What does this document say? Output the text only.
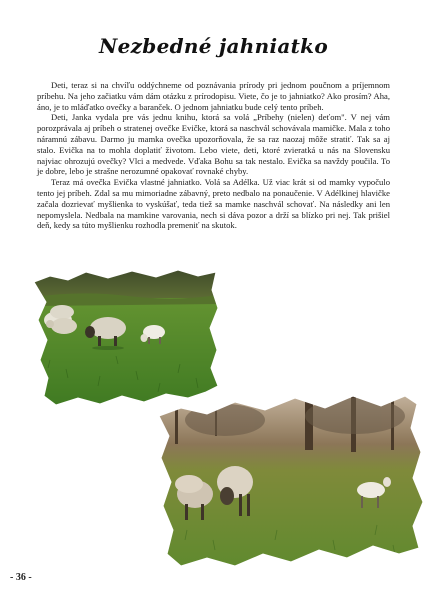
Nezbedné jahniatko

Deti, teraz si na chvíľu oddýchneme od poznávania prírody pri jednom poučnom a príjemnom príbehu. Na jeho začiatku vám dám otázku z prírodopisu. Viete, čo je to jahniatko? Ako prosím? Aha, áno, je to mláďatko ovečky a baranček. O jednom jahniatku bude celý tento príbeh.

Deti, Janka vydala pre vás jednu knihu, ktorá sa volá „Príbehy (nielen) deťom". V nej vám porozprávala aj príbeh o stratenej ovečke Evičke, ktorá sa naschvál schovávala mamičke. Mala z toho náramnú zábavu. Darmo ju mamka ovečka upozorňovala, že sa raz naozaj môže stratiť. Tak sa aj stalo. Evička na to mohla doplatiť životom. Lebo viete, deti, ktoré zvieratká u nás na Slovensku najviac ohrozujú ovečky? Vlci a medvede. Vďaka Bohu sa tak nestalo. Evička sa navždy poučila. To je dobre, lebo je strašne nerozumné opakovať rovnaké chyby.

Teraz má ovečka Evička vlastné jahniatko. Volá sa Adélka. Už viac krát si od mamky vypočulo tento jej príbeh. Zdal sa mu mimoriadne zábavný, preto nedbalo na ponaučenie. V Adélkinej hlavičke začala dozrievať myšlienka to vyskúšať, teda tiež sa mamke naschvál schovať. Na následky ani len nepomyslela. Nedbala na mamkine varovania, nech si dáva pozor a drží sa blízko pri nej. Tak prišiel deň, kedy sa túto myšlienku rozhodla premeniť na skutok.

- 36 -
